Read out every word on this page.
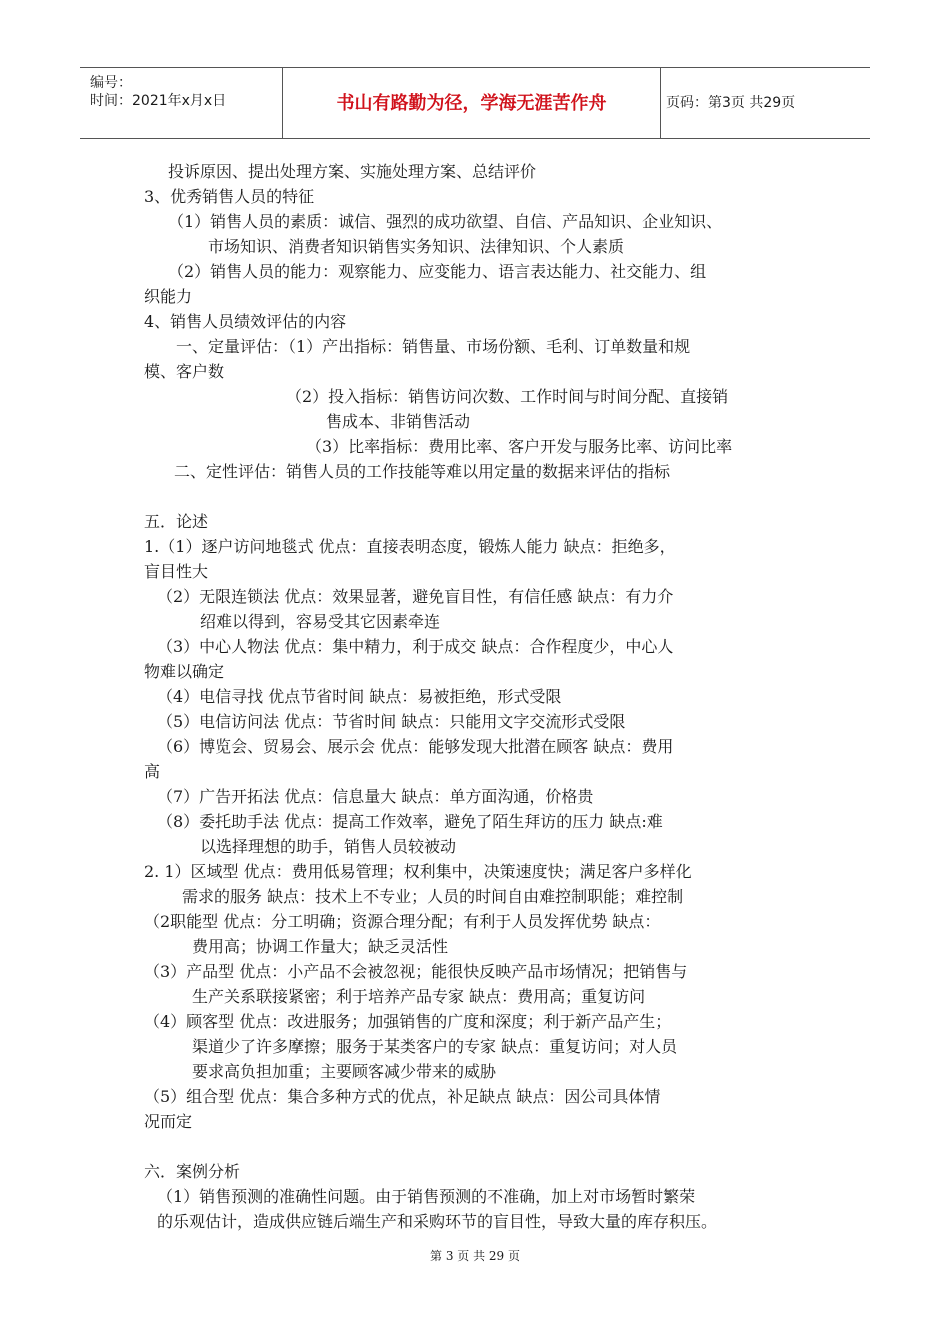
编号：
时间：2021年x月x日	书山有路勤为径，学海无涯苦作舟	页码：第3页 共29页
投诉原因、提出处理方案、实施处理方案、总结评价
3、优秀销售人员的特征
（1）销售人员的素质：诚信、强烈的成功欲望、自信、产品知识、企业知识、
市场知识、消费者知识销售实务知识、法律知识、个人素质
（2）销售人员的能力：观察能力、应变能力、语言表达能力、社交能力、组
织能力
4、销售人员绩效评估的内容
一、定量评估：（1）产出指标：销售量、市场份额、毛利、订单数量和规
模、客户数
（2）投入指标：销售访问次数、工作时间与时间分配、直接销
售成本、非销售活动
（3）比率指标：费用比率、客户开发与服务比率、访问比率
二、定性评估：销售人员的工作技能等难以用定量的数据来评估的指标
五．论述
1.（1）逐户访问地毯式 优点：直接表明态度，锻炼人能力 缺点：拒绝多，
盲目性大
（2）无限连锁法 优点：效果显著，避免盲目性，有信任感 缺点：有力介
绍难以得到，容易受其它因素牵连
（3）中心人物法 优点：集中精力，利于成交 缺点：合作程度少，中心人
物难以确定
（4）电信寻找 优点节省时间 缺点：易被拒绝，形式受限
（5）电信访问法 优点：节省时间 缺点：只能用文字交流形式受限
（6）博览会、贸易会、展示会 优点：能够发现大批潜在顾客 缺点：费用
高
（7）广告开拓法 优点：信息量大 缺点：单方面沟通，价格贵
（8）委托助手法 优点：提高工作效率，避免了陌生拜访的压力 缺点:难
以选择理想的助手，销售人员较被动
2. 1）区域型 优点：费用低易管理；权利集中，决策速度快；满足客户多样化
需求的服务 缺点：技术上不专业；人员的时间自由难控制职能；难控制
（2职能型 优点：分工明确；资源合理分配；有利于人员发挥优势 缺点：
费用高；协调工作量大；缺乏灵活性
（3）产品型 优点：小产品不会被忽视；能很快反映产品市场情况；把销售与
生产关系联接紧密；利于培养产品专家 缺点：费用高；重复访问
（4）顾客型 优点：改进服务；加强销售的广度和深度；利于新产品产生；
渠道少了许多摩擦；服务于某类客户的专家 缺点：重复访问；对人员
要求高负担加重；主要顾客减少带来的威胁
（5）组合型 优点：集合多种方式的优点，补足缺点 缺点：因公司具体情
况而定
六．案例分析
（1）销售预测的准确性问题。由于销售预测的不准确，加上对市场暂时繁荣
的乐观估计，造成供应链后端生产和采购环节的盲目性，导致大量的库存积压。
第 3 页 共 29 页
